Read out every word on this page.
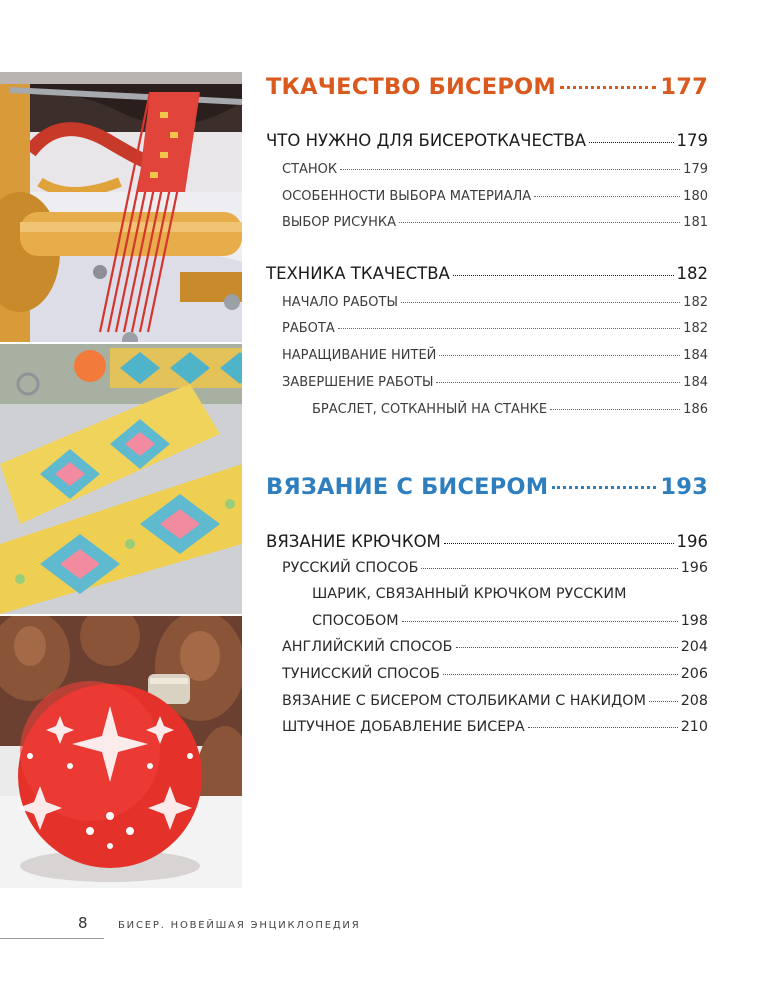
ТКАЧЕСТВО БИСЕРОМ	177
ЧТО НУЖНО ДЛЯ БИСЕРОТКАЧЕСТВА	179
СТАНОК	179
ОСОБЕННОСТИ ВЫБОРА МАТЕРИАЛА	180
ВЫБОР РИСУНКА	181
ТЕХНИКА ТКАЧЕСТВА	182
НАЧАЛО РАБОТЫ	182
РАБОТА	182
НАРАЩИВАНИЕ НИТЕЙ	184
ЗАВЕРШЕНИЕ РАБОТЫ	184
БРАСЛЕТ, СОТКАННЫЙ НА СТАНКЕ	186
ВЯЗАНИЕ С БИСЕРОМ	193
ВЯЗАНИЕ КРЮЧКОМ	196
РУССКИЙ СПОСОБ	196
ШАРИК, СВЯЗАННЫЙ КРЮЧКОМ РУССКИМ
СПОСОБОМ	198
АНГЛИЙСКИЙ СПОСОБ	204
ТУНИССКИЙ СПОСОБ	206
ВЯЗАНИЕ С БИСЕРОМ СТОЛБИКАМИ С НАКИДОМ 208
ШТУЧНОЕ ДОБАВЛЕНИЕ БИСЕРА	210
8	БИСЕР. НОВЕЙШАЯ ЭНЦИКЛОПЕДИЯ
